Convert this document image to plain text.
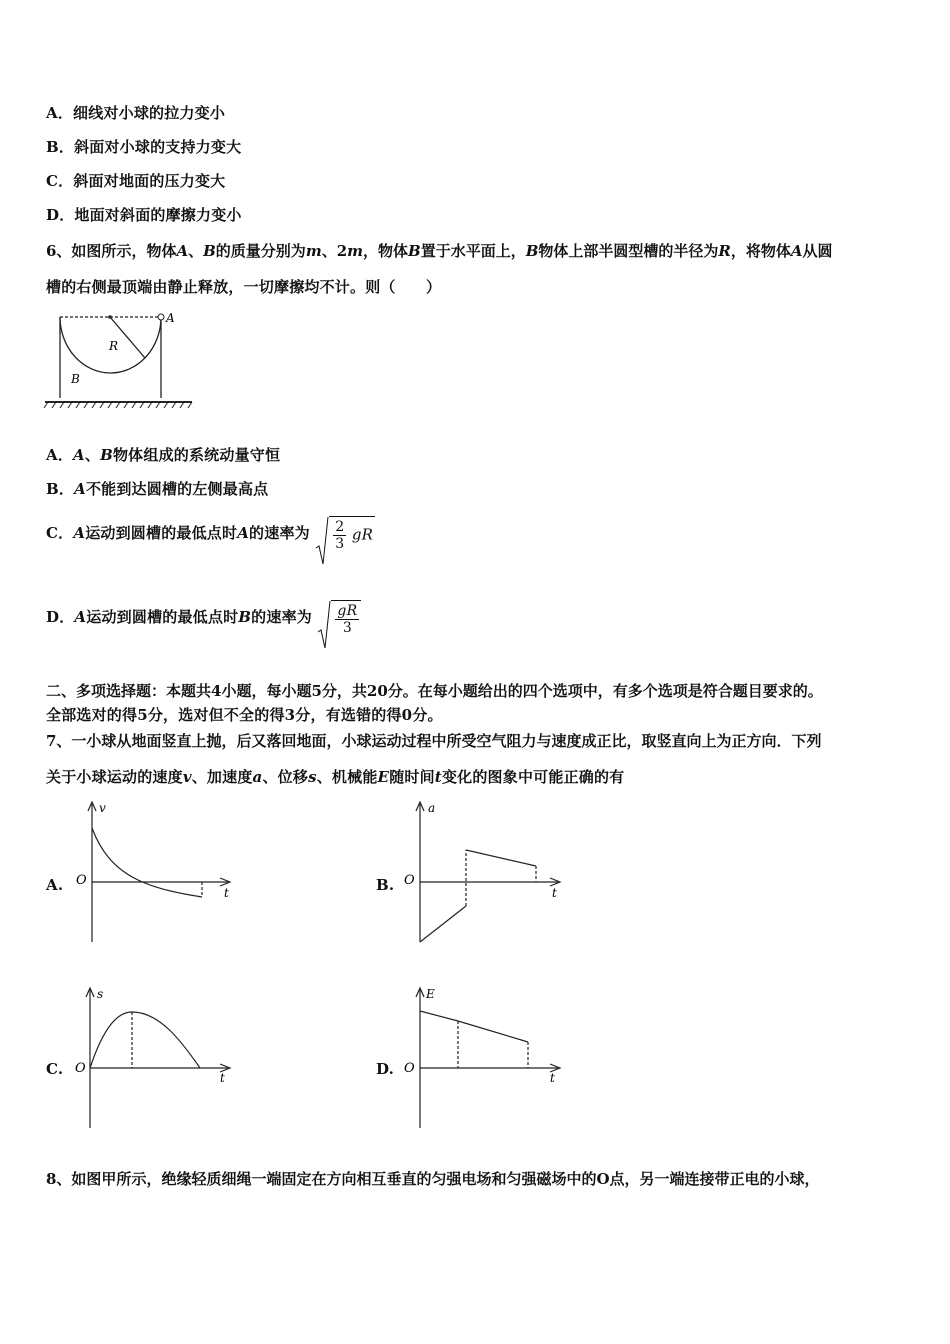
A．细线对小球的拉力变小
B．斜面对小球的支持力变大
C．斜面对地面的压力变大
D．地面对斜面的摩擦力变小
6、如图所示，物体A、B的质量分别为m、2m，物体B置于水平面上，B物体上部半圆型槽的半径为R，将物体A从圆
槽的右侧最顶端由静止释放，一切摩擦均不计。则（　　）
A
R
B
A．A、B物体组成的系统动量守恒
B．A不能到达圆槽的左侧最高点
C．A运动到圆槽的最低点时A的速率为 $\frac{2}{3}$ gR
D．A运动到圆槽的最低点时B的速率为 $\frac{gR}{3}$
二、多项选择题：本题共4小题，每小题5分，共20分。在每小题给出的四个选项中，有多个选项是符合题目要求的。
全部选对的得5分，选对但不全的得3分，有选错的得0分。
7、一小球从地面竖直上抛，后又落回地面，小球运动过程中所受空气阻力与速度成正比，取竖直向上为正方向．下列
关于小球运动的速度v、加速度a、位移s、机械能E随时间t变化的图象中可能正确的有
A.
v
O
t	B.
a
O
t
C.
s
O
t	D.
E
O
t
8、如图甲所示，绝缘轻质细绳一端固定在方向相互垂直的匀强电场和匀强磁场中的O点，另一端连接带正电的小球，
